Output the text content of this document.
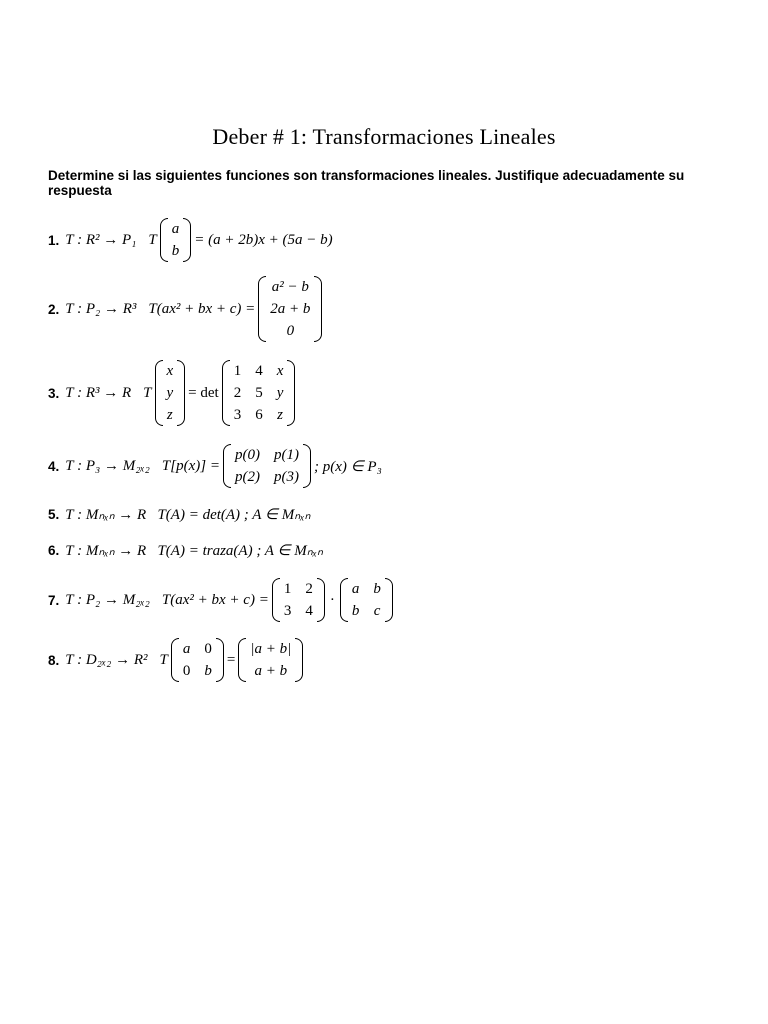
Deber # 1: Transformaciones Lineales
Determine si las siguientes funciones son transformaciones lineales. Justifique adecuadamente su respuesta
1. T : R² → P₁ T
a
b
= (a + 2b)x + (5a − b)
2. T : P₂ → R³ T(ax² + bx + c) =
a² − b
2a + b
0
3. T : R³ → R T
x
y
z
= det
1 4 x
2 5 y
3 6 z
4. T : P₃ → M₂ₓ₂ T[p(x)] =
p(0) p(1)
p(2) p(3)
; p(x) ∈ P₃
5. T : Mₙₓₙ → R   T(A) = det(A) ; A ∈ Mₙₓₙ
6. T : Mₙₓₙ → R   T(A) = traza(A) ; A ∈ Mₙₓₙ
7. T : P₂ → M₂ₓ₂ T(ax² + bx + c) =
1 2
3 4
·
a b
b c
8. T : D₂ₓ₂ → R² T
a 0
0 b
=
|a + b|
a + b
